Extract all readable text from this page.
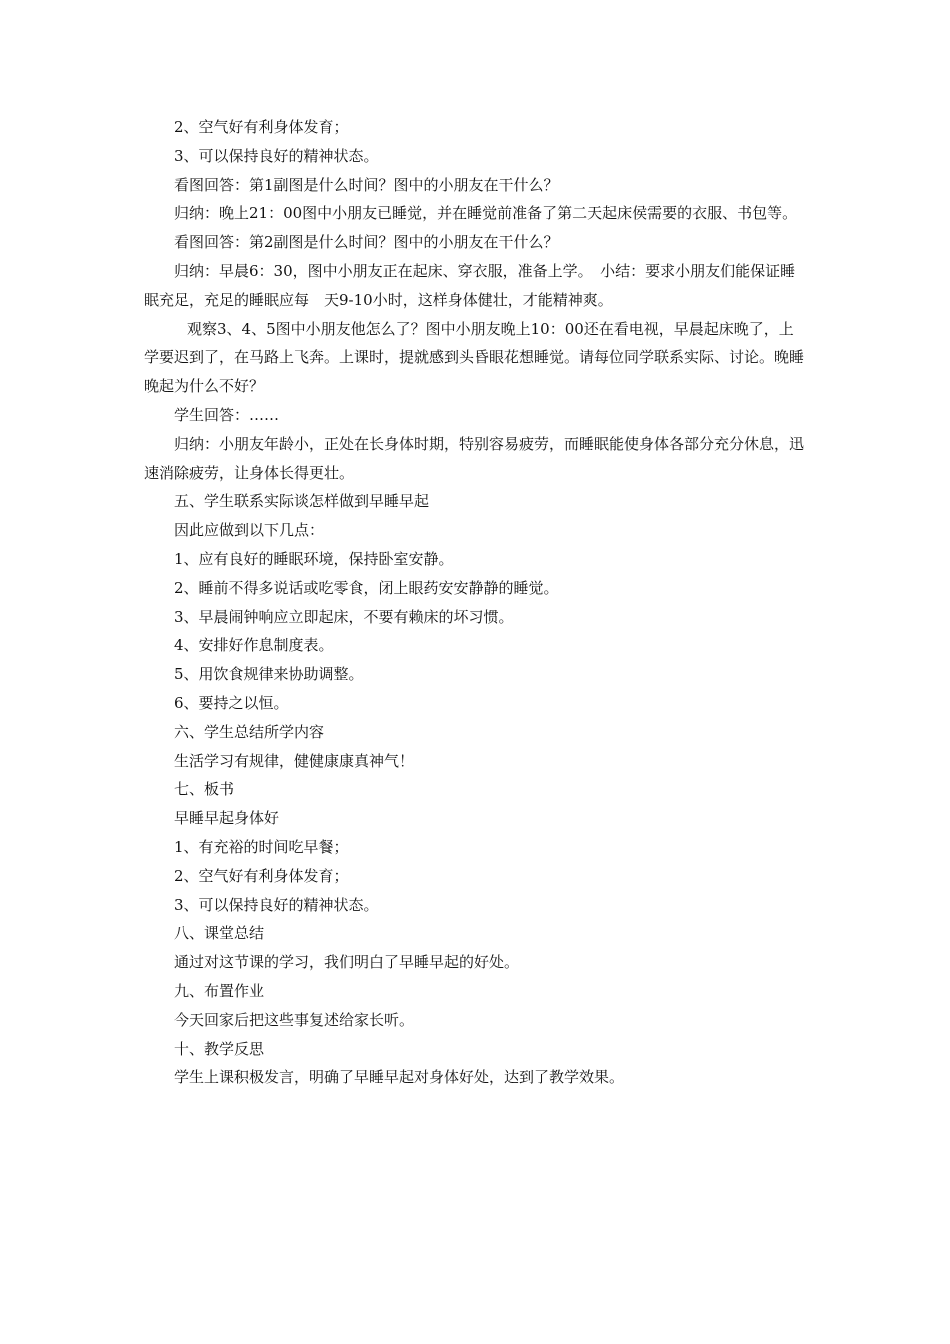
2、空气好有利身体发育；

3、可以保持良好的精神状态。

看图回答：第1副图是什么时间？图中的小朋友在干什么？

归纳：晚上21：00图中小朋友已睡觉，并在睡觉前准备了第二天起床侯需要的衣服、书包等。

看图回答：第2副图是什么时间？图中的小朋友在干什么？

归纳：早晨6：30，图中小朋友正在起床、穿衣服，准备上学。　小结：要求小朋友们能保证睡眠充足，充足的睡眠应每　天9-10小时，这样身体健壮，才能精神爽。

观察3、4、5图中小朋友他怎么了？图中小朋友晚上10：00还在看电视，早晨起床晚了，上学要迟到了，在马路上飞奔。上课时，提就感到头昏眼花想睡觉。请每位同学联系实际、讨论。晚睡晚起为什么不好？

学生回答：……

归纳：小朋友年龄小，正处在长身体时期，特别容易疲劳，而睡眠能使身体各部分充分休息，迅速消除疲劳，让身体长得更壮。

五、学生联系实际谈怎样做到早睡早起

因此应做到以下几点：

1、应有良好的睡眠环境，保持卧室安静。

2、睡前不得多说话或吃零食，闭上眼药安安静静的睡觉。

3、早晨闹钟响应立即起床，不要有赖床的坏习惯。

4、安排好作息制度表。

5、用饮食规律来协助调整。

6、要持之以恒。

六、学生总结所学内容

生活学习有规律，健健康康真神气！

七、板书

早睡早起身体好

1、有充裕的时间吃早餐；

2、空气好有利身体发育；

3、可以保持良好的精神状态。

八、课堂总结

通过对这节课的学习，我们明白了早睡早起的好处。

九、布置作业

今天回家后把这些事复述给家长听。

十、教学反思

学生上课积极发言，明确了早睡早起对身体好处，达到了教学效果。
